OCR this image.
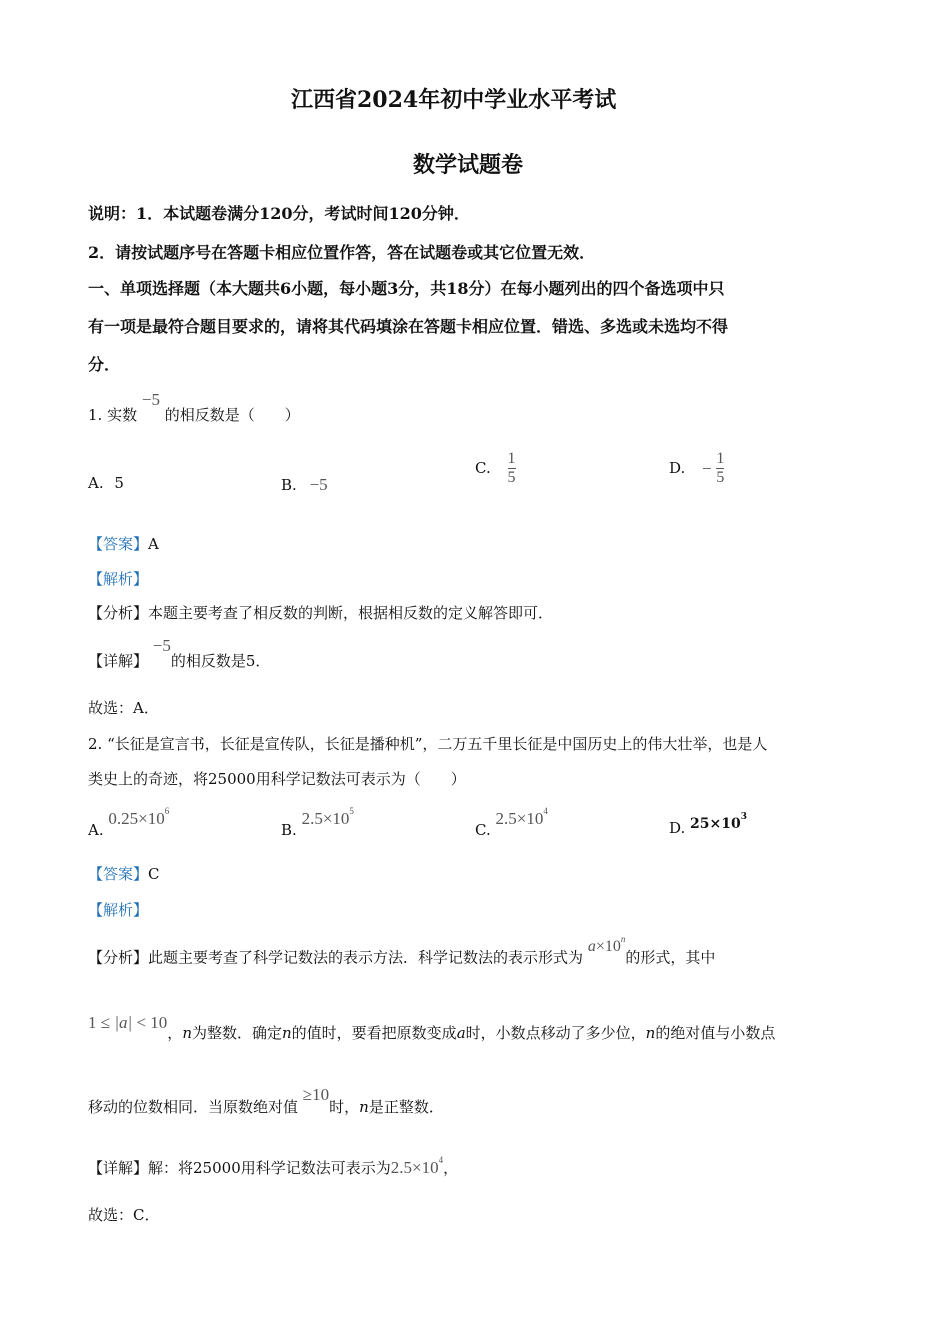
江西省2024年初中学业水平考试
数学试题卷
说明：1．本试题卷满分120分，考试时间120分钟．
2．请按试题序号在答题卡相应位置作答，答在试题卷或其它位置无效．
一、单项选择题（本大题共6小题，每小题3分，共18分）在每小题列出的四个备选项中只
有一项是最符合题目要求的，请将其代码填涂在答题卡相应位置．错选、多选或未选均不得
分．
1. 实数 −5 的相反数是（　　）
A. 5	B. −5
C. $\frac{1}{5}$	D. − $\frac{1}{5}$
【答案】A
【解析】
【分析】本题主要考查了相反数的判断，根据相反数的定义解答即可．
【详解】 −5的相反数是5．
故选：A．
2. “长征是宣言书，长征是宣传队，长征是播种机”，二万五千里长征是中国历史上的伟大壮举，也是人
类史上的奇迹，将25000用科学记数法可表示为（　　）
A. $0.25\times 10^6$
B. $2.5\times 10^5$
C. $2.5\times 10^4$
D. $25\times 10^3$
【答案】C
【解析】
【分析】此题主要考查了科学记数法的表示方法．科学记数法的表示形式为 $a\times 10^n$的形式，其中
1 ≤ |a| < 10，n为整数．确定n的值时，要看把原数变成a时，小数点移动了多少位，n的绝对值与小数点
移动的位数相同．当原数绝对值 ≥10时，n是正整数．
【详解】解：将25000用科学记数法可表示为$2.5\times 10^4$，
故选：C．
